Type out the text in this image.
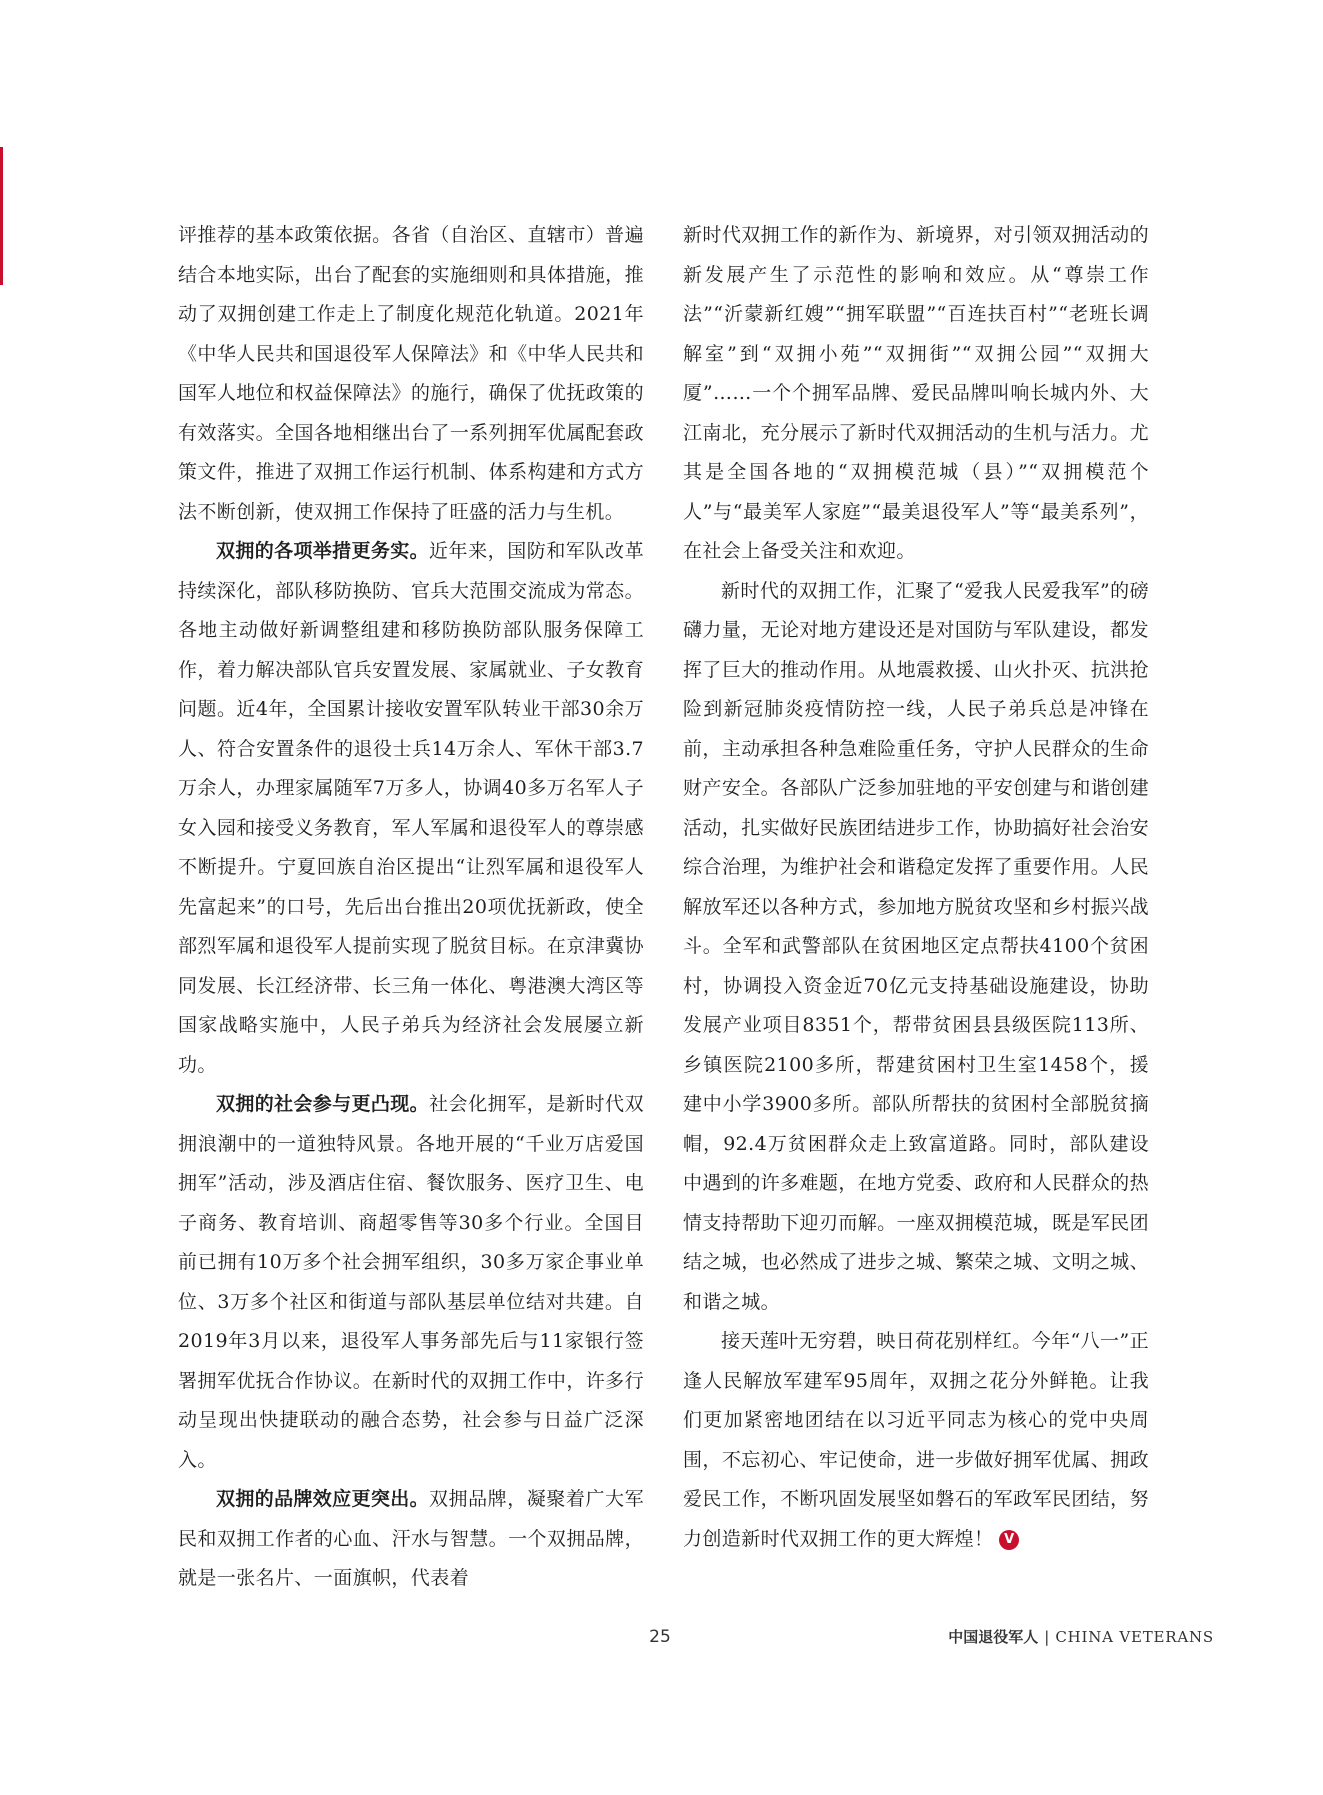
评推荐的基本政策依据。各省（自治区、直辖市）普遍结合本地实际，出台了配套的实施细则和具体措施，推动了双拥创建工作走上了制度化规范化轨道。2021年《中华人民共和国退役军人保障法》和《中华人民共和国军人地位和权益保障法》的施行，确保了优抚政策的有效落实。全国各地相继出台了一系列拥军优属配套政策文件，推进了双拥工作运行机制、体系构建和方式方法不断创新，使双拥工作保持了旺盛的活力与生机。

双拥的各项举措更务实。近年来，国防和军队改革持续深化，部队移防换防、官兵大范围交流成为常态。各地主动做好新调整组建和移防换防部队服务保障工作，着力解决部队官兵安置发展、家属就业、子女教育问题。近4年，全国累计接收安置军队转业干部30余万人、符合安置条件的退役士兵14万余人、军休干部3.7万余人，办理家属随军7万多人，协调40多万名军人子女入园和接受义务教育，军人军属和退役军人的尊崇感不断提升。宁夏回族自治区提出“让烈军属和退役军人先富起来”的口号，先后出台推出20项优抚新政，使全部烈军属和退役军人提前实现了脱贫目标。在京津冀协同发展、长江经济带、长三角一体化、粤港澳大湾区等国家战略实施中，人民子弟兵为经济社会发展屡立新功。

双拥的社会参与更凸现。社会化拥军，是新时代双拥浪潮中的一道独特风景。各地开展的“千业万店爱国拥军”活动，涉及酒店住宿、餐饮服务、医疗卫生、电子商务、教育培训、商超零售等30多个行业。全国目前已拥有10万多个社会拥军组织，30多万家企事业单位、3万多个社区和街道与部队基层单位结对共建。自2019年3月以来，退役军人事务部先后与11家银行签署拥军优抚合作协议。在新时代的双拥工作中，许多行动呈现出快捷联动的融合态势，社会参与日益广泛深入。

双拥的品牌效应更突出。双拥品牌，凝聚着广大军民和双拥工作者的心血、汗水与智慧。一个双拥品牌，就是一张名片、一面旗帜，代表着

新时代双拥工作的新作为、新境界，对引领双拥活动的新发展产生了示范性的影响和效应。从“尊崇工作法”“沂蒙新红嫂”“拥军联盟”“百连扶百村”“老班长调解室”到“双拥小苑”“双拥街”“双拥公园”“双拥大厦”……一个个拥军品牌、爱民品牌叫响长城内外、大江南北，充分展示了新时代双拥活动的生机与活力。尤其是全国各地的“双拥模范城（县）”“双拥模范个人”与“最美军人家庭”“最美退役军人”等“最美系列”，在社会上备受关注和欢迎。

新时代的双拥工作，汇聚了“爱我人民爱我军”的磅礴力量，无论对地方建设还是对国防与军队建设，都发挥了巨大的推动作用。从地震救援、山火扑灭、抗洪抢险到新冠肺炎疫情防控一线，人民子弟兵总是冲锋在前，主动承担各种急难险重任务，守护人民群众的生命财产安全。各部队广泛参加驻地的平安创建与和谐创建活动，扎实做好民族团结进步工作，协助搞好社会治安综合治理，为维护社会和谐稳定发挥了重要作用。人民解放军还以各种方式，参加地方脱贫攻坚和乡村振兴战斗。全军和武警部队在贫困地区定点帮扶4100个贫困村，协调投入资金近70亿元支持基础设施建设，协助发展产业项目8351个，帮带贫困县县级医院113所、乡镇医院2100多所，帮建贫困村卫生室1458个，援建中小学3900多所。部队所帮扶的贫困村全部脱贫摘帽，92.4万贫困群众走上致富道路。同时，部队建设中遇到的许多难题，在地方党委、政府和人民群众的热情支持帮助下迎刃而解。一座双拥模范城，既是军民团结之城，也必然成了进步之城、繁荣之城、文明之城、和谐之城。

接天莲叶无穷碧，映日荷花别样红。今年“八一”正逢人民解放军建军95周年，双拥之花分外鲜艳。让我们更加紧密地团结在以习近平同志为核心的党中央周围，不忘初心、牢记使命，进一步做好拥军优属、拥政爱民工作，不断巩固发展坚如磐石的军政军民团结，努力创造新时代双拥工作的更大辉煌！ V

25	中国退役军人 | CHINA VETERANS
